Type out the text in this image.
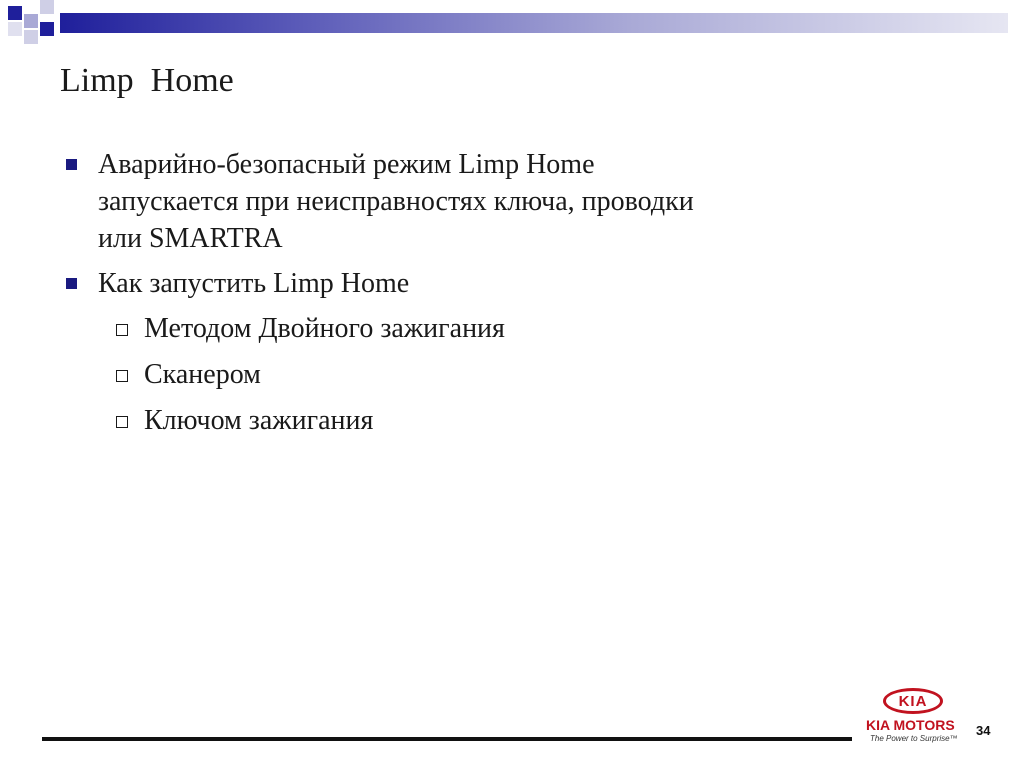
Limp  Home
Аварийно-безопасный режим Limp Home запускается при неисправностях ключа, проводки или SMARTRA
Как запустить Limp Home
Методом Двойного зажигания
Сканером
Ключом зажигания
KIA
KIA MOTORS
The Power to Surprise™
34
